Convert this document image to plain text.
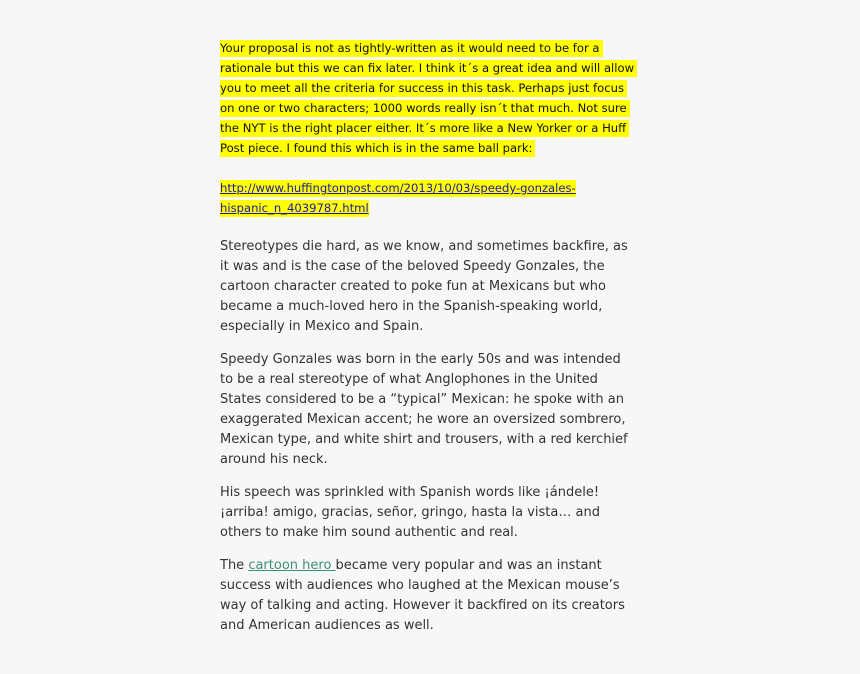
Your proposal is not as tightly-written as it would need to be for a
rationale but this we can fix later. I think it´s a great idea and will allow
you to meet all the criteria for success in this task. Perhaps just focus
on one or two characters; 1000 words really isn´t that much. Not sure
the NYT is the right placer either. It´s more like a New Yorker or a Huff
Post piece. I found this which is in the same ball park:
http://www.huffingtonpost.com/2013/10/03/speedy-gonzales-
hispanic_n_4039787.html
Stereotypes die hard, as we know, and sometimes backfire, as
it was and is the case of the beloved Speedy Gonzales, the
cartoon character created to poke fun at Mexicans but who
became a much-loved hero in the Spanish-speaking world,
especially in Mexico and Spain.
Speedy Gonzales was born in the early 50s and was intended
to be a real stereotype of what Anglophones in the United
States considered to be a “typical” Mexican: he spoke with an
exaggerated Mexican accent; he wore an oversized sombrero,
Mexican type, and white shirt and trousers, with a red kerchief
around his neck.
His speech was sprinkled with Spanish words like ¡ándele!
¡arriba! amigo, gracias, señor, gringo, hasta la vista… and
others to make him sound authentic and real.
The cartoon hero became very popular and was an instant
success with audiences who laughed at the Mexican mouse’s
way of talking and acting. However it backfired on its creators
and American audiences as well.
